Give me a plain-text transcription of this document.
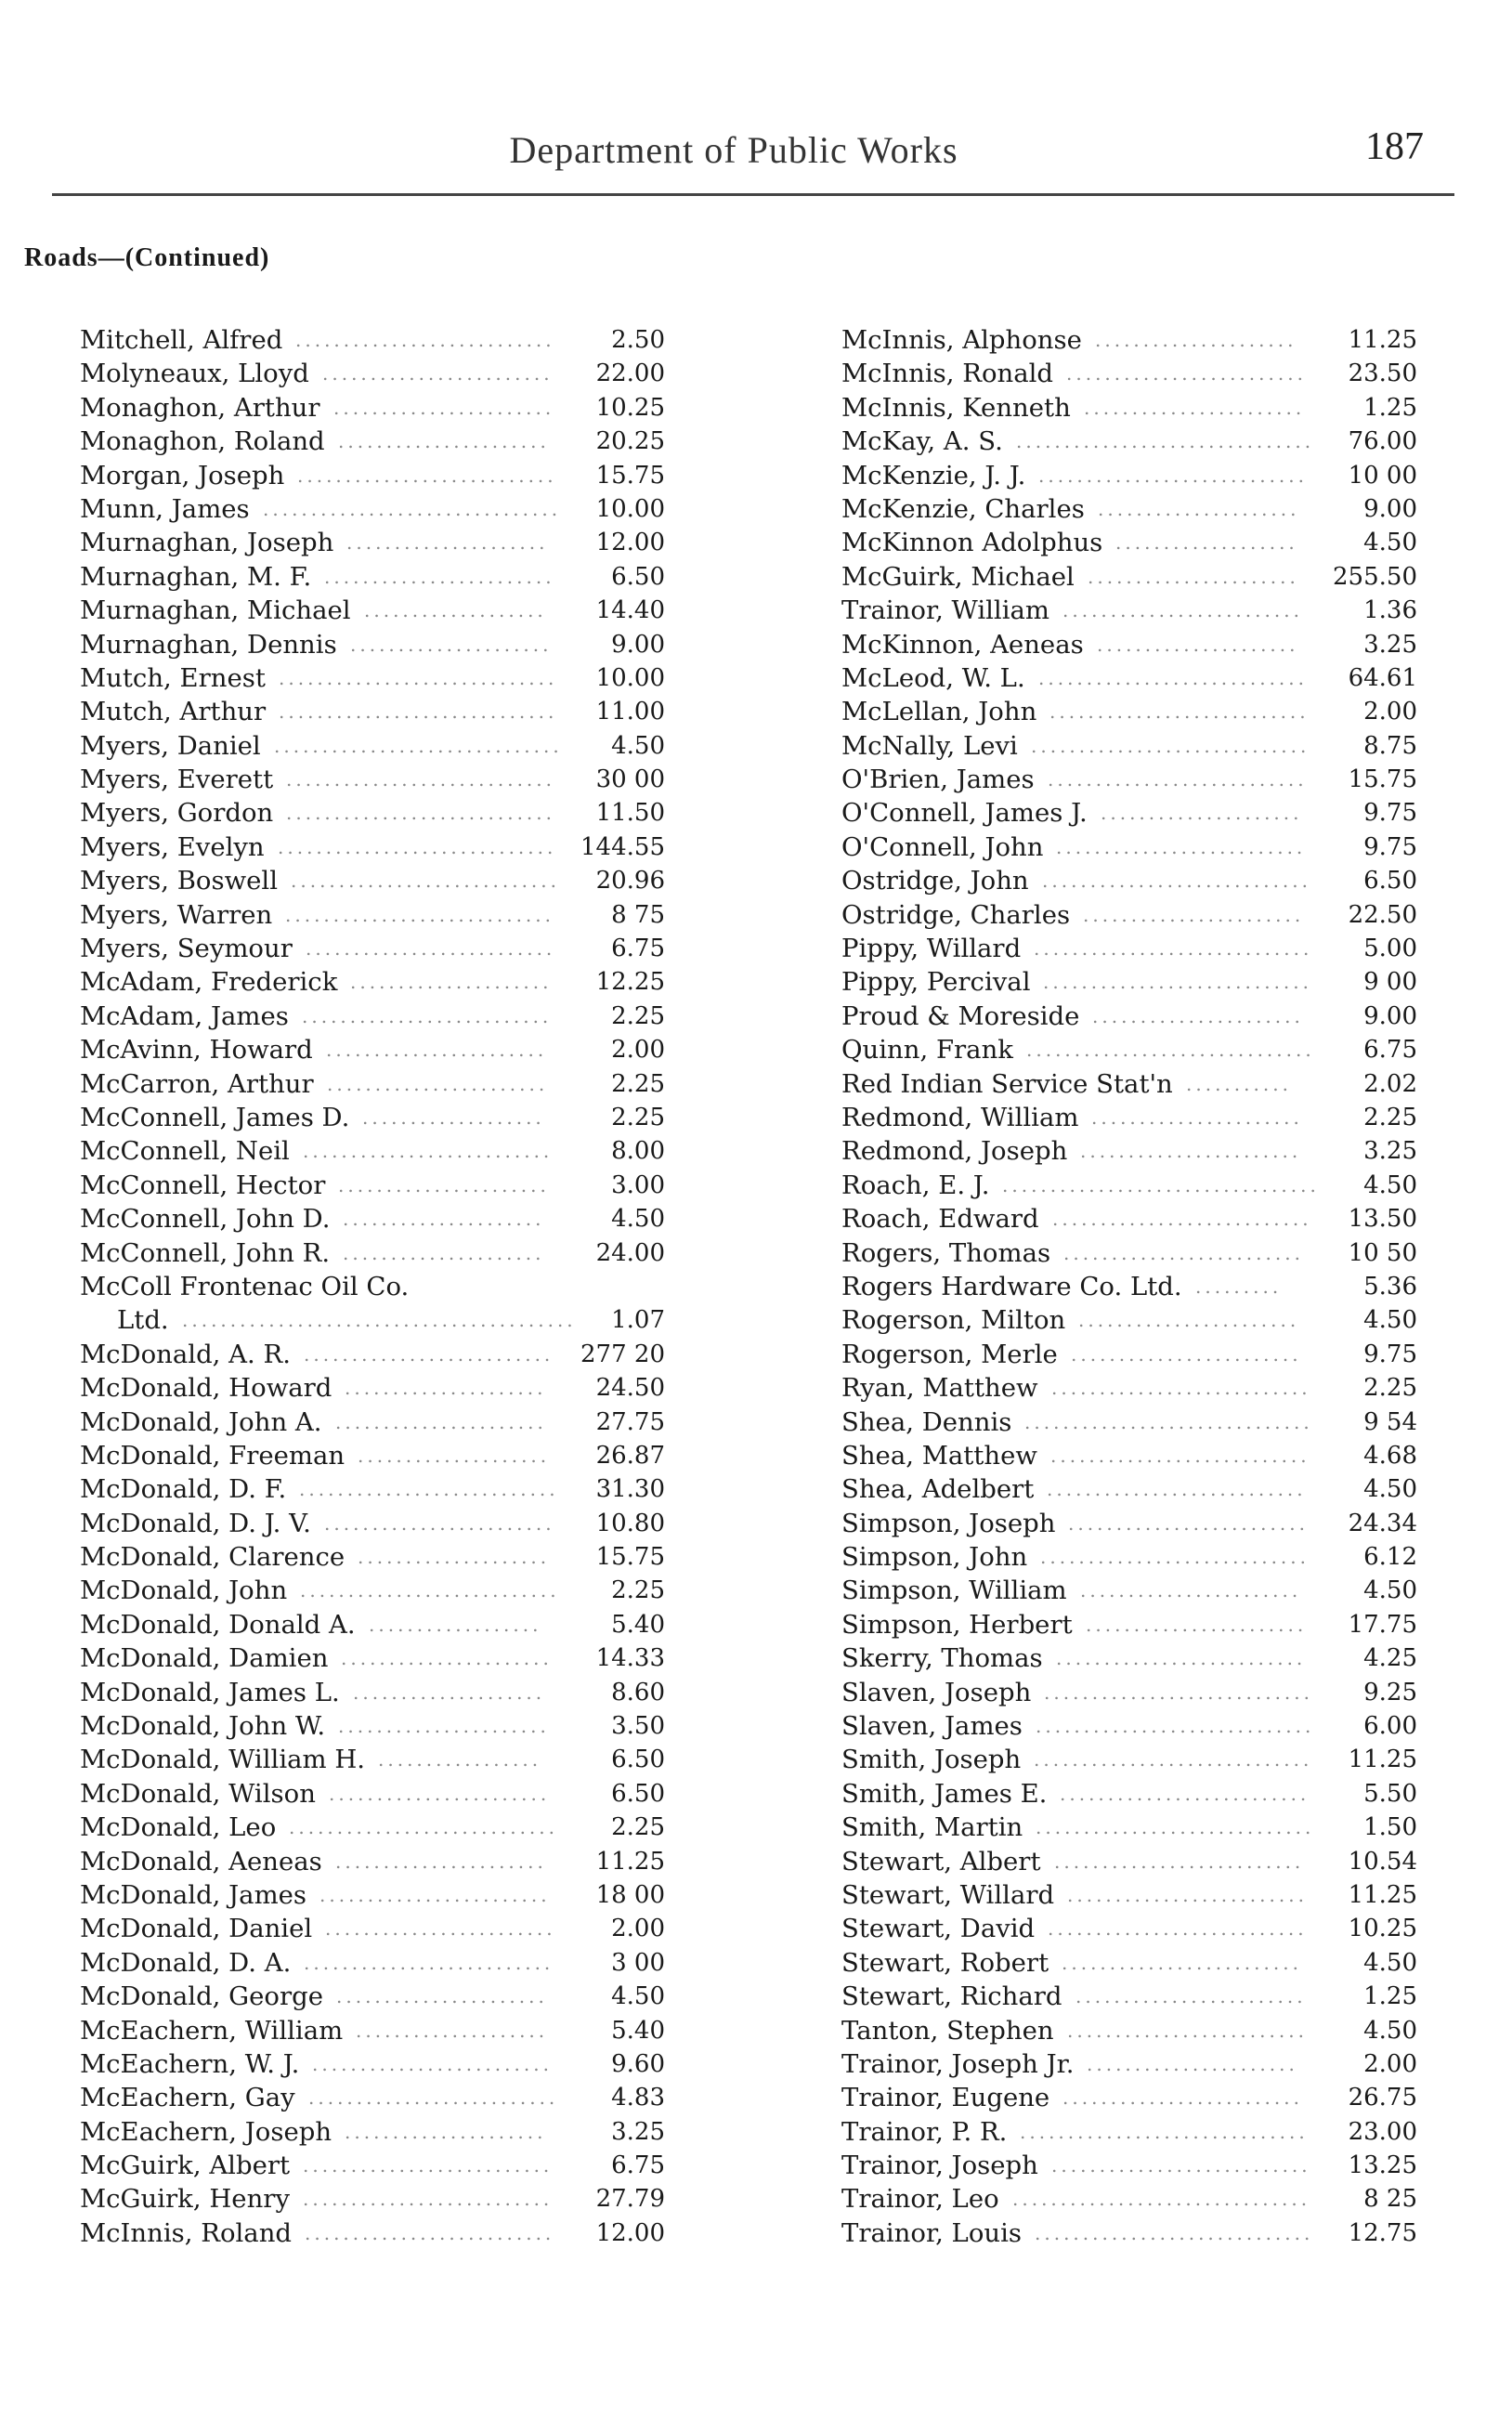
Department of Public Works	187
Roads—(Continued)
Mitchell, Alfred	2.50
...........................
Molyneaux, Lloyd	22.00
........................
Monaghon, Arthur	10.25
.......................
Monaghon, Roland	20.25
......................
Morgan, Joseph	15.75
...........................
Munn, James	10.00
...............................
Murnaghan, Joseph	12.00
.....................
Murnaghan, M. F.	6.50
........................
Murnaghan, Michael	14.40
...................
Murnaghan, Dennis	9.00
.....................
Mutch, Ernest	10.00
.............................
Mutch, Arthur	11.00
.............................
Myers, Daniel	4.50
..............................
Myers, Everett	30 00
............................
Myers, Gordon	11.50
............................
Myers, Evelyn	144.55
.............................
Myers, Boswell	20.96
............................
Myers, Warren	8 75
............................
Myers, Seymour	6.75
..........................
McAdam, Frederick	12.25
.....................
McAdam, James	2.25
..........................
McAvinn, Howard	2.00
.......................
McCarron, Arthur	2.25
.......................
McConnell, James D.	2.25
...................
McConnell, Neil	8.00
..........................
McConnell, Hector	3.00
......................
McConnell, John D.	4.50
.....................
McConnell, John R.	24.00
.....................
McColl Frontenac Oil Co.
Ltd.	1.07
.........................................
McDonald, A. R.	277 20
..........................
McDonald, Howard	24.50
.....................
McDonald, John A.	27.75
......................
McDonald, Freeman	26.87
....................
McDonald, D. F.	31.30
...........................
McDonald, D. J. V.	10.80
........................
McDonald, Clarence	15.75
....................
McDonald, John	2.25
...........................
McDonald, Donald A.	5.40
..................
McDonald, Damien	14.33
......................
McDonald, James L.	8.60
....................
McDonald, John W.	3.50
......................
McDonald, William H.	6.50
.................
McDonald, Wilson	6.50
.......................
McDonald, Leo	2.25
............................
McDonald, Aeneas	11.25
......................
McDonald, James	18 00
........................
McDonald, Daniel	2.00
........................
McDonald, D. A.	3 00
..........................
McDonald, George	4.50
......................
McEachern, William	5.40
....................
McEachern, W. J.	9.60
.........................
McEachern, Gay	4.83
..........................
McEachern, Joseph	3.25
.....................
McGuirk, Albert	6.75
..........................
McGuirk, Henry	27.79
..........................
McInnis, Roland	12.00
..........................
McInnis, Alphonse	11.25
.....................
McInnis, Ronald	23.50
.........................
McInnis, Kenneth	1.25
.......................
McKay, A. S.	76.00
...............................
McKenzie, J. J.	10 00
............................
McKenzie, Charles	9.00
.....................
McKinnon Adolphus	4.50
...................
McGuirk, Michael	255.50
......................
Trainor, William	1.36
.........................
McKinnon, Aeneas	3.25
.....................
McLeod, W. L.	64.61
............................
McLellan, John	2.00
...........................
McNally, Levi	8.75
.............................
O'Brien, James	15.75
...........................
O'Connell, James J.	9.75
.....................
O'Connell, John	9.75
..........................
Ostridge, John	6.50
............................
Ostridge, Charles	22.50
.......................
Pippy, Willard	5.00
.............................
Pippy, Percival	9 00
............................
Proud & Moreside	9.00
......................
Quinn, Frank	6.75
..............................
Red Indian Service Stat'n	2.02
...........
Redmond, William	2.25
......................
Redmond, Joseph	3.25
.......................
Roach, E. J.	4.50
.................................
Roach, Edward	13.50
...........................
Rogers, Thomas	10 50
.........................
Rogers Hardware Co. Ltd.	5.36
.........
Rogerson, Milton	4.50
.......................
Rogerson, Merle	9.75
........................
Ryan, Matthew	2.25
...........................
Shea, Dennis	9 54
..............................
Shea, Matthew	4.68
...........................
Shea, Adelbert	4.50
...........................
Simpson, Joseph	24.34
.........................
Simpson, John	6.12
............................
Simpson, William	4.50
.......................
Simpson, Herbert	17.75
.......................
Skerry, Thomas	4.25
..........................
Slaven, Joseph	9.25
............................
Slaven, James	6.00
.............................
Smith, Joseph	11.25
.............................
Smith, James E.	5.50
..........................
Smith, Martin	1.50
.............................
Stewart, Albert	10.54
..........................
Stewart, Willard	11.25
.........................
Stewart, David	10.25
...........................
Stewart, Robert	4.50
.........................
Stewart, Richard	1.25
........................
Tanton, Stephen	4.50
.........................
Trainor, Joseph Jr.	2.00
......................
Trainor, Eugene	26.75
.........................
Trainor, P. R.	23.00
..............................
Trainor, Joseph	13.25
...........................
Trainor, Leo	8 25
...............................
Trainor, Louis	12.75
.............................
